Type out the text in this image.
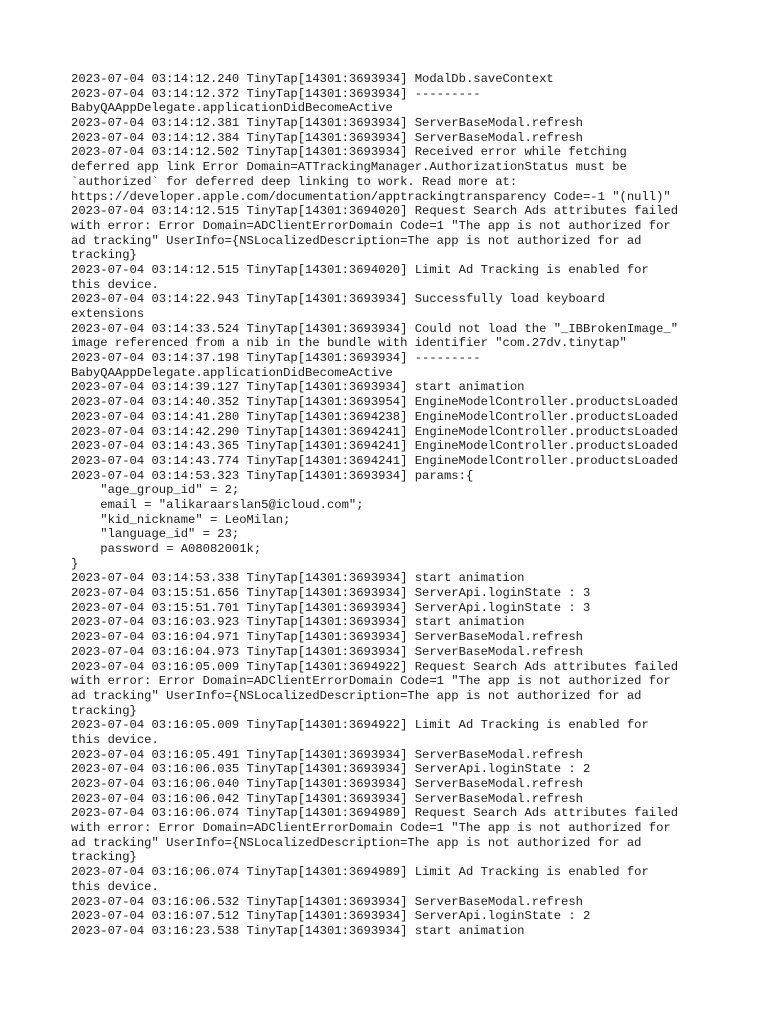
2023-07-04 03:14:12.240 TinyTap[14301:3693934] ModalDb.saveContext
2023-07-04 03:14:12.372 TinyTap[14301:3693934] ---------
BabyQAAppDelegate.applicationDidBecomeActive
2023-07-04 03:14:12.381 TinyTap[14301:3693934] ServerBaseModal.refresh
2023-07-04 03:14:12.384 TinyTap[14301:3693934] ServerBaseModal.refresh
2023-07-04 03:14:12.502 TinyTap[14301:3693934] Received error while fetching
deferred app link Error Domain=ATTrackingManager.AuthorizationStatus must be
`authorized` for deferred deep linking to work. Read more at:
https://developer.apple.com/documentation/apptrackingtransparency Code=-1 "(null)"
2023-07-04 03:14:12.515 TinyTap[14301:3694020] Request Search Ads attributes failed
with error: Error Domain=ADClientErrorDomain Code=1 "The app is not authorized for
ad tracking" UserInfo={NSLocalizedDescription=The app is not authorized for ad
tracking}
2023-07-04 03:14:12.515 TinyTap[14301:3694020] Limit Ad Tracking is enabled for
this device.
2023-07-04 03:14:22.943 TinyTap[14301:3693934] Successfully load keyboard
extensions
2023-07-04 03:14:33.524 TinyTap[14301:3693934] Could not load the "_IBBrokenImage_"
image referenced from a nib in the bundle with identifier "com.27dv.tinytap"
2023-07-04 03:14:37.198 TinyTap[14301:3693934] ---------
BabyQAAppDelegate.applicationDidBecomeActive
2023-07-04 03:14:39.127 TinyTap[14301:3693934] start animation
2023-07-04 03:14:40.352 TinyTap[14301:3693954] EngineModelController.productsLoaded
2023-07-04 03:14:41.280 TinyTap[14301:3694238] EngineModelController.productsLoaded
2023-07-04 03:14:42.290 TinyTap[14301:3694241] EngineModelController.productsLoaded
2023-07-04 03:14:43.365 TinyTap[14301:3694241] EngineModelController.productsLoaded
2023-07-04 03:14:43.774 TinyTap[14301:3694241] EngineModelController.productsLoaded
2023-07-04 03:14:53.323 TinyTap[14301:3693934] params:{
"age_group_id" = 2;
email = "alikaraarslan5@icloud.com";
"kid_nickname" = LeoMilan;
"language_id" = 23;
password = A08082001k;
}
2023-07-04 03:14:53.338 TinyTap[14301:3693934] start animation
2023-07-04 03:15:51.656 TinyTap[14301:3693934] ServerApi.loginState : 3
2023-07-04 03:15:51.701 TinyTap[14301:3693934] ServerApi.loginState : 3
2023-07-04 03:16:03.923 TinyTap[14301:3693934] start animation
2023-07-04 03:16:04.971 TinyTap[14301:3693934] ServerBaseModal.refresh
2023-07-04 03:16:04.973 TinyTap[14301:3693934] ServerBaseModal.refresh
2023-07-04 03:16:05.009 TinyTap[14301:3694922] Request Search Ads attributes failed
with error: Error Domain=ADClientErrorDomain Code=1 "The app is not authorized for
ad tracking" UserInfo={NSLocalizedDescription=The app is not authorized for ad
tracking}
2023-07-04 03:16:05.009 TinyTap[14301:3694922] Limit Ad Tracking is enabled for
this device.
2023-07-04 03:16:05.491 TinyTap[14301:3693934] ServerBaseModal.refresh
2023-07-04 03:16:06.035 TinyTap[14301:3693934] ServerApi.loginState : 2
2023-07-04 03:16:06.040 TinyTap[14301:3693934] ServerBaseModal.refresh
2023-07-04 03:16:06.042 TinyTap[14301:3693934] ServerBaseModal.refresh
2023-07-04 03:16:06.074 TinyTap[14301:3694989] Request Search Ads attributes failed
with error: Error Domain=ADClientErrorDomain Code=1 "The app is not authorized for
ad tracking" UserInfo={NSLocalizedDescription=The app is not authorized for ad
tracking}
2023-07-04 03:16:06.074 TinyTap[14301:3694989] Limit Ad Tracking is enabled for
this device.
2023-07-04 03:16:06.532 TinyTap[14301:3693934] ServerBaseModal.refresh
2023-07-04 03:16:07.512 TinyTap[14301:3693934] ServerApi.loginState : 2
2023-07-04 03:16:23.538 TinyTap[14301:3693934] start animation
